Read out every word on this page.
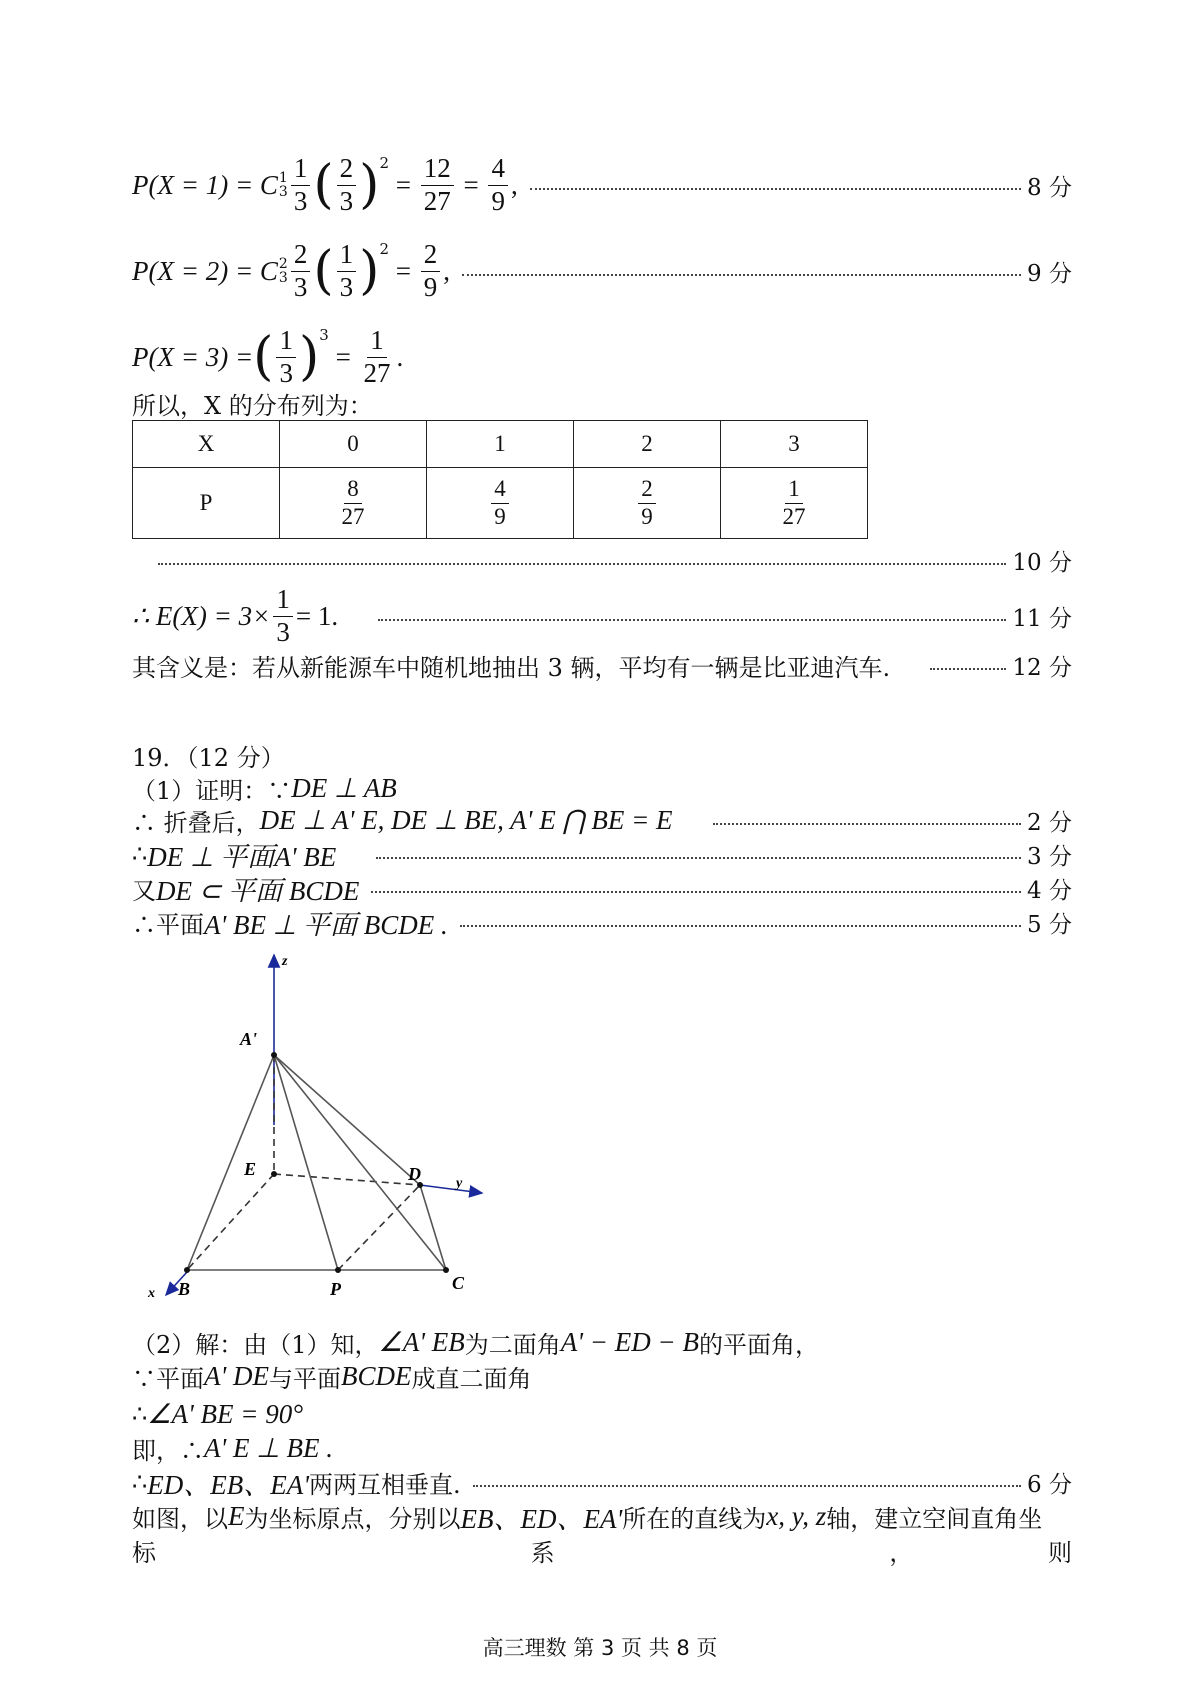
P(X = 1) = C 1
$3 \frac{1}{3}$ ( $\frac{2}{3} )^2$
= $\frac{12}{27} = \frac{4}{9}$ ,	8 分
P(X = 2) = C 2
$3 \frac{2}{3}$ ( $\frac{1}{3} )^2$
= $\frac{2}{9}$ ,	9 分
P(X = 3) = ( $\frac{1}{3} )^3$
= $\frac{1}{27}$ .
所以，X 的分布列为：
X	0	1	2	3
P	$\frac{8}{27}$	$\frac{4}{9}$	$\frac{2}{9}$	$\frac{1}{27}$
10 分
∴ $E(X) = 3\times \frac{1}{3} = 1$.	11 分
其含义是：若从新能源车中随机地抽出 3 辆，平均有一辆是比亚迪汽车.	12 分
19．（12 分）
（1）证明：∵ DE ⊥ AB
∴ 折叠后， DE ⊥ A' E, DE ⊥ BE, A' E ⋂ BE = E	2 分
∴ DE ⊥ 平面A' BE	3 分
又 DE ⊂ 平面 BCDE	4 分
∴平面 A' BE ⊥ 平面 BCDE .	5 分
z
A'
E	D	y
x B	P	C
（2）解：由（1）知， ∠A' EB 为二面角 A' − ED − B 的平面角，
∵平面 A' DE 与平面 BCDE 成直二面角
∴ ∠A' BE = 90°
即，∴ A' E ⊥ BE .
∴ ED、EB、EA' 两两互相垂直.	6 分
如图，以 E 为坐标原点，分别以 EB、ED、EA' 所在的直线为 x, y, z 轴，建立空间直角坐
标	系	，	则
高三理数 第 3 页 共 8 页
